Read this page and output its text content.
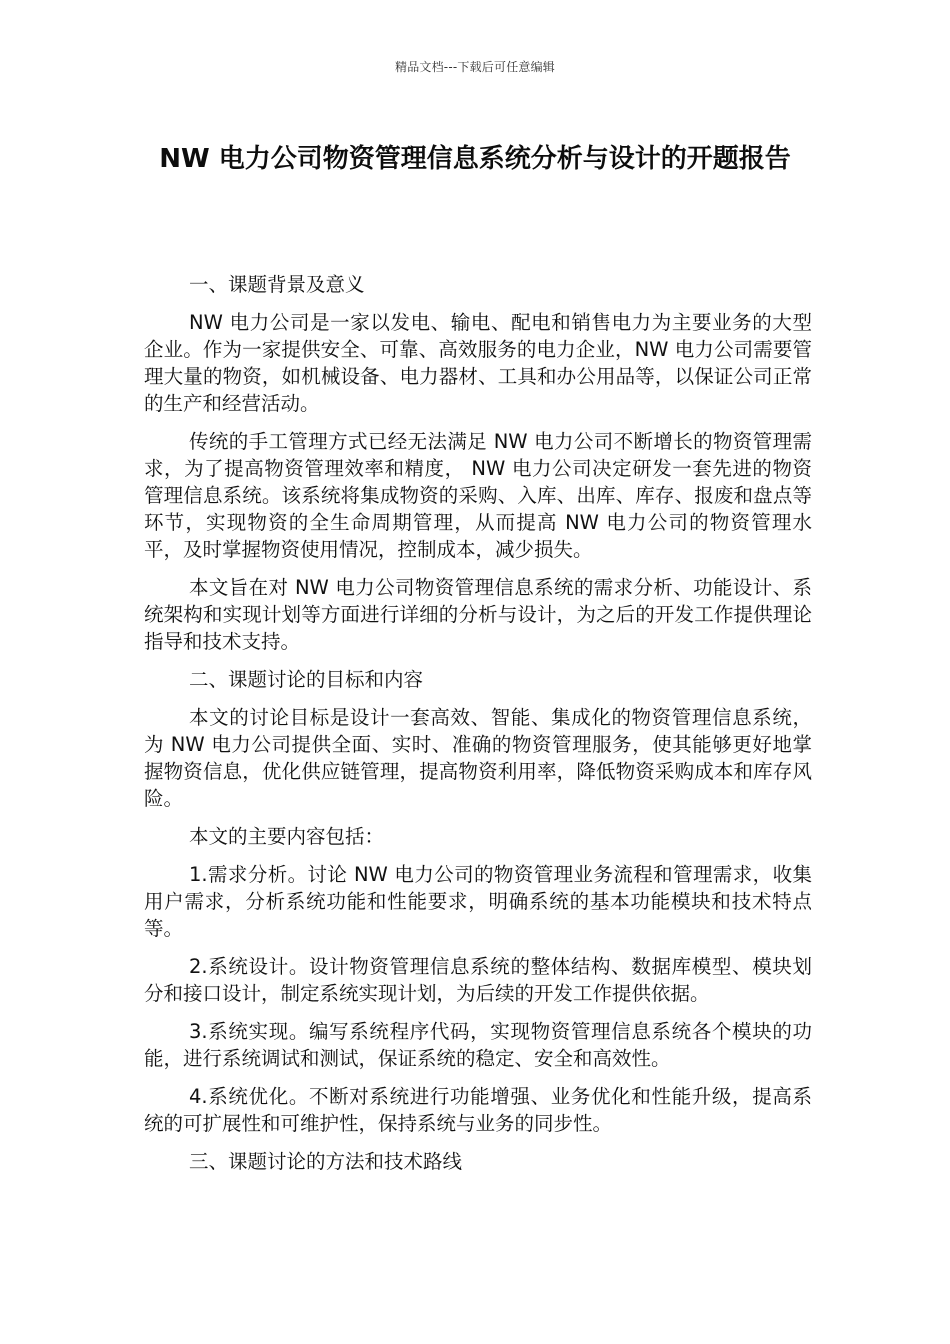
精品文档---下载后可任意编辑
NW 电力公司物资管理信息系统分析与设计的开题报告

一、课题背景及意义

NW 电力公司是一家以发电、输电、配电和销售电力为主要业务的大型企业。作为一家提供安全、可靠、高效服务的电力企业，NW 电力公司需要管理大量的物资，如机械设备、电力器材、工具和办公用品等，以保证公司正常的生产和经营活动。

传统的手工管理方式已经无法满足 NW 电力公司不断增长的物资管理需求，为了提高物资管理效率和精度， NW 电力公司决定研发一套先进的物资管理信息系统。该系统将集成物资的采购、入库、出库、库存、报废和盘点等环节，实现物资的全生命周期管理，从而提高 NW 电力公司的物资管理水平，及时掌握物资使用情况，控制成本，减少损失。

本文旨在对 NW 电力公司物资管理信息系统的需求分析、功能设计、系统架构和实现计划等方面进行详细的分析与设计，为之后的开发工作提供理论指导和技术支持。

二、课题讨论的目标和内容

本文的讨论目标是设计一套高效、智能、集成化的物资管理信息系统，为 NW 电力公司提供全面、实时、准确的物资管理服务，使其能够更好地掌握物资信息，优化供应链管理，提高物资利用率，降低物资采购成本和库存风险。

本文的主要内容包括：

1.需求分析。讨论 NW 电力公司的物资管理业务流程和管理需求，收集用户需求，分析系统功能和性能要求，明确系统的基本功能模块和技术特点等。

2.系统设计。设计物资管理信息系统的整体结构、数据库模型、模块划分和接口设计，制定系统实现计划，为后续的开发工作提供依据。

3.系统实现。编写系统程序代码，实现物资管理信息系统各个模块的功能，进行系统调试和测试，保证系统的稳定、安全和高效性。

4.系统优化。不断对系统进行功能增强、业务优化和性能升级，提高系统的可扩展性和可维护性，保持系统与业务的同步性。

三、课题讨论的方法和技术路线
